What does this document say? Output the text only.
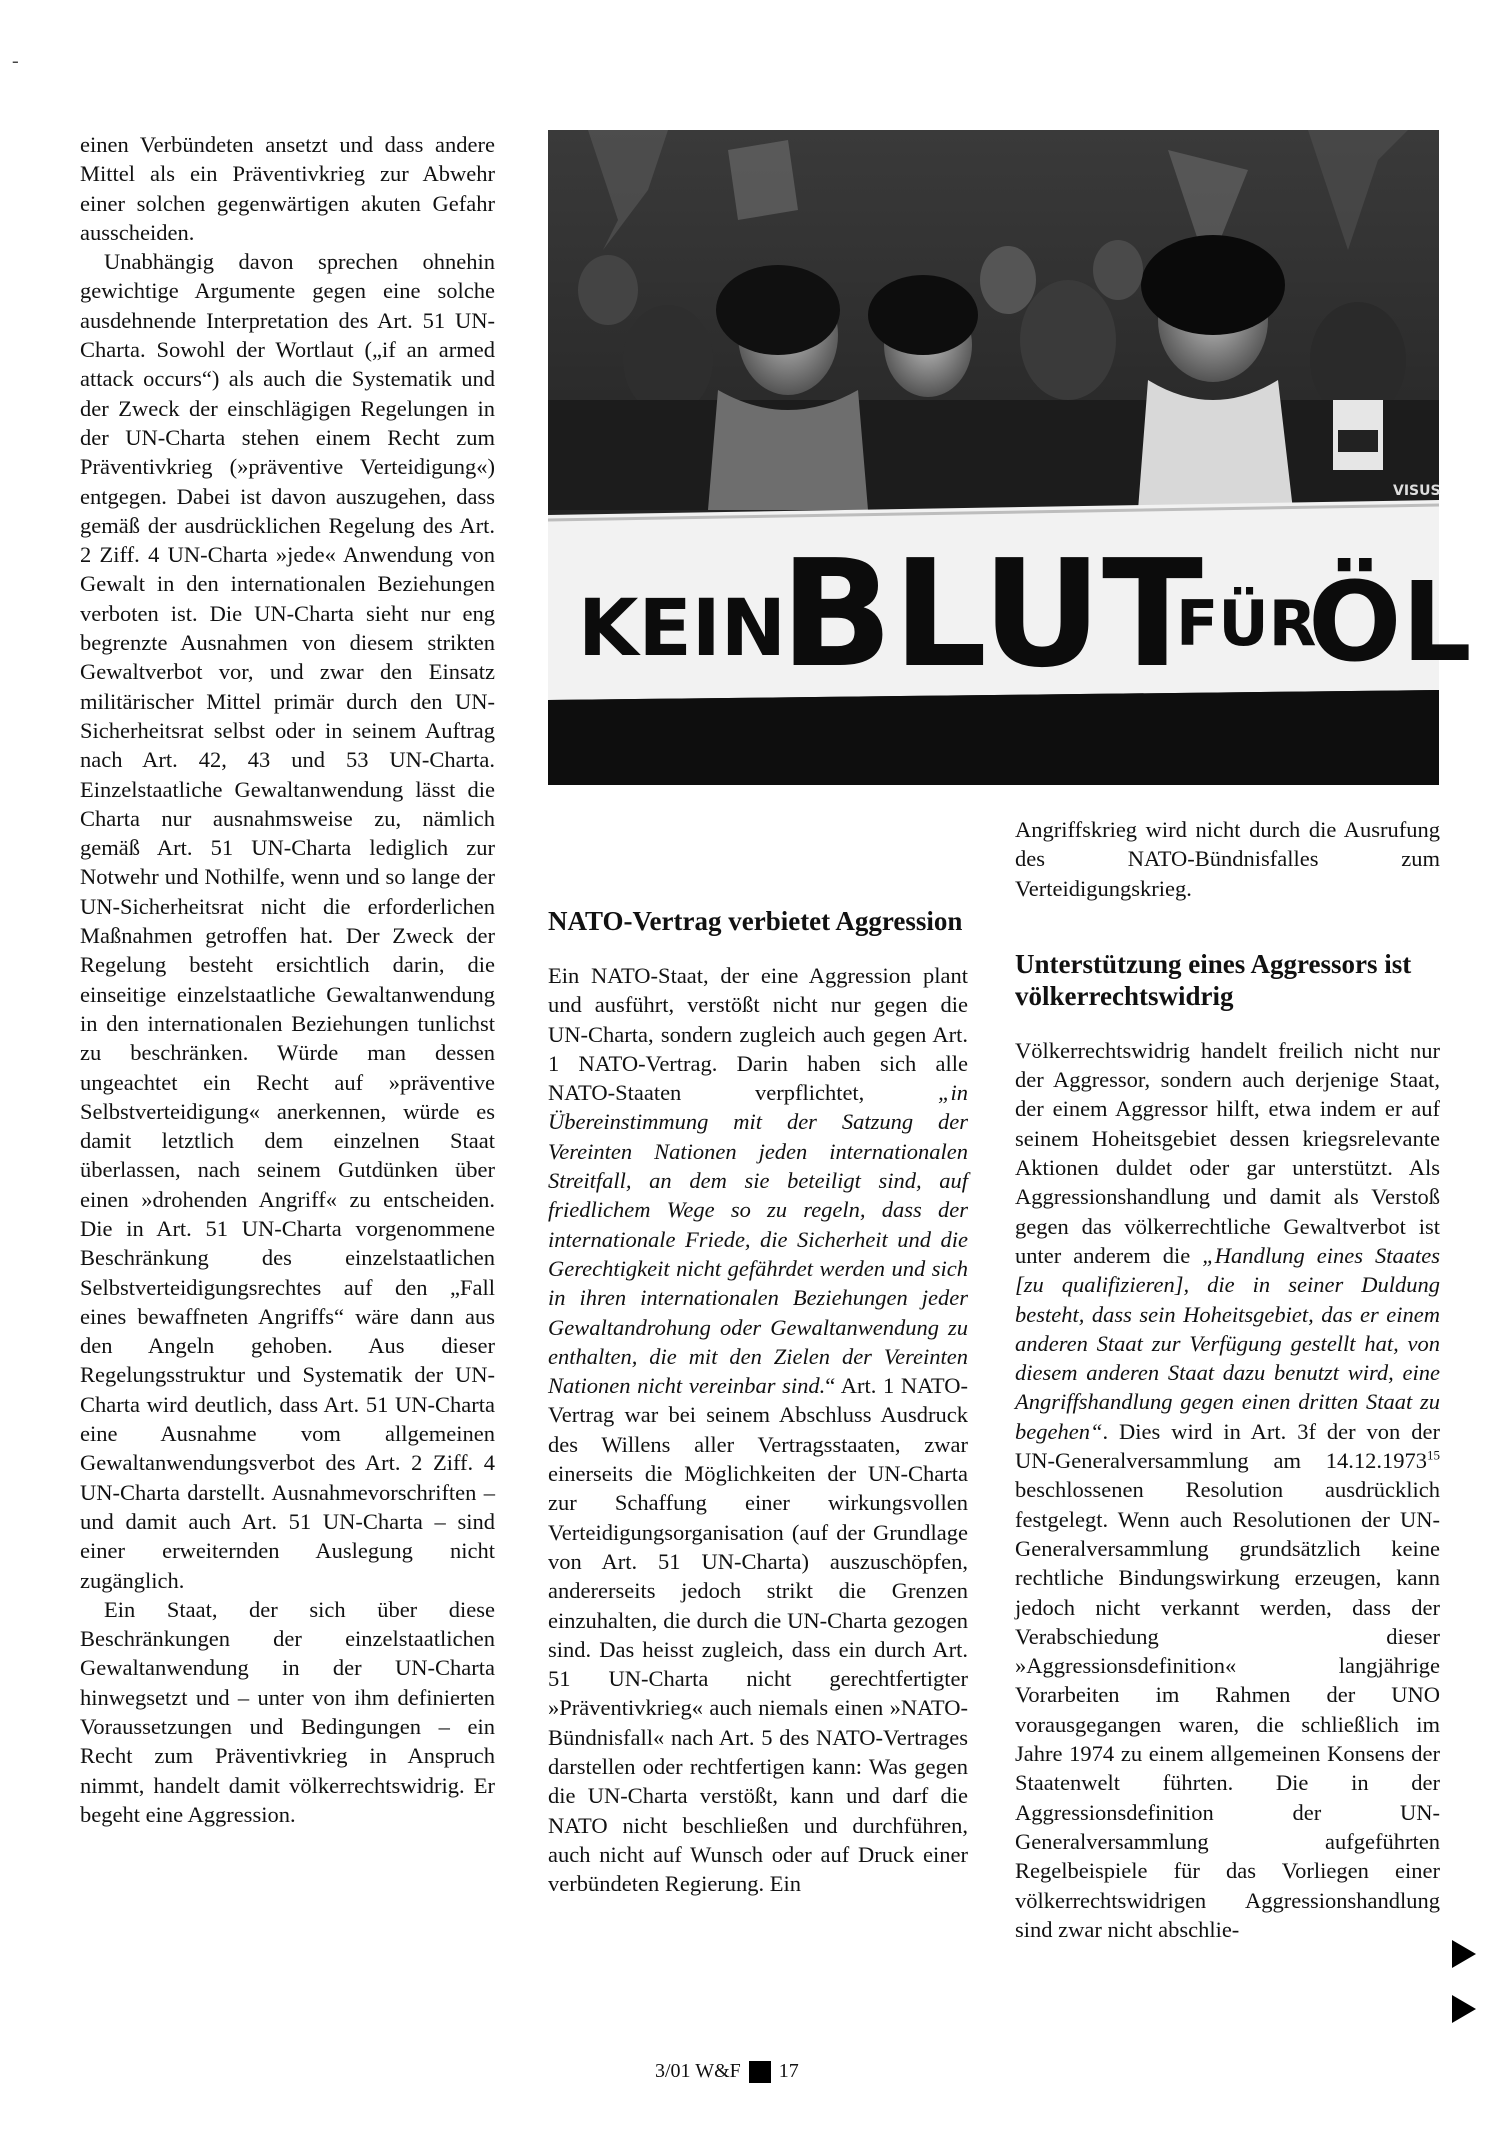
-

einen Verbündeten ansetzt und dass andere Mittel als ein Präventivkrieg zur Abwehr einer solchen gegenwärtigen akuten Gefahr ausscheiden.

Unabhängig davon sprechen ohnehin gewichtige Argumente gegen eine solche ausdehnende Interpretation des Art. 51 UN-Charta. Sowohl der Wortlaut („if an armed attack occurs“) als auch die Systematik und der Zweck der einschlägigen Regelungen in der UN-Charta stehen einem Recht zum Präventivkrieg (»präventive Verteidigung«) entgegen. Dabei ist davon auszugehen, dass gemäß der ausdrücklichen Regelung des Art. 2 Ziff. 4 UN-Charta »jede« Anwendung von Gewalt in den internationalen Beziehungen verboten ist. Die UN-Charta sieht nur eng begrenzte Ausnahmen von diesem strikten Gewaltverbot vor, und zwar den Einsatz militärischer Mittel primär durch den UN-Sicherheitsrat selbst oder in seinem Auftrag nach Art. 42, 43 und 53 UN-Charta. Einzelstaatliche Gewaltanwendung lässt die Charta nur ausnahmsweise zu, nämlich gemäß Art. 51 UN-Charta lediglich zur Notwehr und Nothilfe, wenn und so lange der UN-Sicherheitsrat nicht die erforderlichen Maßnahmen getroffen hat. Der Zweck der Regelung besteht ersichtlich darin, die einseitige einzelstaatliche Gewaltanwendung in den internationalen Beziehungen tunlichst zu beschränken. Würde man dessen ungeachtet ein Recht auf »präventive Selbstverteidigung« anerkennen, würde es damit letztlich dem einzelnen Staat überlassen, nach seinem Gutdünken über einen »drohenden Angriff« zu entscheiden. Die in Art. 51 UN-Charta vorgenommene Beschränkung des einzelstaatlichen Selbstverteidigungsrechtes auf den „Fall eines bewaffneten Angriffs“ wäre dann aus den Angeln gehoben. Aus dieser Regelungsstruktur und Systematik der UN-Charta wird deutlich, dass Art. 51 UN-Charta eine Ausnahme vom allgemeinen Gewaltanwendungsverbot des Art. 2 Ziff. 4 UN-Charta darstellt. Ausnahmevorschriften – und damit auch Art. 51 UN-Charta – sind einer erweiternden Auslegung nicht zugänglich.

Ein Staat, der sich über diese Beschränkungen der einzelstaatlichen Gewaltanwendung in der UN-Charta hinwegsetzt und – unter von ihm definierten Voraussetzungen und Bedingungen – ein Recht zum Präventivkrieg in Anspruch nimmt, handelt damit völkerrechtswidrig. Er begeht eine Aggression.

KEIN
BLUT
FÜR
ÖL
VISUS
NATO-Vertrag verbietet Aggression

Ein NATO-Staat, der eine Aggression plant und ausführt, verstößt nicht nur gegen die UN-Charta, sondern zugleich auch gegen Art. 1 NATO-Vertrag. Darin haben sich alle NATO-Staaten verpflichtet, „in Übereinstimmung mit der Satzung der Vereinten Nationen jeden internationalen Streitfall, an dem sie beteiligt sind, auf friedlichem Wege so zu regeln, dass der internationale Friede, die Sicherheit und die Gerechtigkeit nicht gefährdet werden und sich in ihren internationalen Beziehungen jeder Gewaltandrohung oder Gewaltanwendung zu enthalten, die mit den Zielen der Vereinten Nationen nicht vereinbar sind.“ Art. 1 NATO-Vertrag war bei seinem Abschluss Ausdruck des Willens aller Vertragsstaaten, zwar einerseits die Möglichkeiten der UN-Charta zur Schaffung einer wirkungsvollen Verteidigungsorganisation (auf der Grundlage von Art. 51 UN-Charta) auszuschöpfen, andererseits jedoch strikt die Grenzen einzuhalten, die durch die UN-Charta gezogen sind. Das heisst zugleich, dass ein durch Art. 51 UN-Charta nicht gerechtfertigter »Präventivkrieg« auch niemals einen »NATO-Bündnisfall« nach Art. 5 des NATO-Vertrages darstellen oder rechtfertigen kann: Was gegen die UN-Charta verstößt, kann und darf die NATO nicht beschließen und durchführen, auch nicht auf Wunsch oder auf Druck einer verbündeten Regierung. Ein

Angriffskrieg wird nicht durch die Ausrufung des NATO-Bündnisfalles zum Verteidigungskrieg.

Unterstützung eines Aggressors ist völkerrechtswidrig

Völkerrechtswidrig handelt freilich nicht nur der Aggressor, sondern auch derjenige Staat, der einem Aggressor hilft, etwa indem er auf seinem Hoheitsgebiet dessen kriegsrelevante Aktionen duldet oder gar unterstützt. Als Aggressionshandlung und damit als Verstoß gegen das völkerrechtliche Gewaltverbot ist unter anderem die „Handlung eines Staates [zu qualifizieren], die in seiner Duldung besteht, dass sein Hoheitsgebiet, das er einem anderen Staat zur Verfügung gestellt hat, von diesem anderen Staat dazu benutzt wird, eine Angriffshandlung gegen einen dritten Staat zu begehen“. Dies wird in Art. 3f der von der UN-Generalversammlung am 14.12.1973$^{15}$ beschlossenen Resolution ausdrücklich festgelegt. Wenn auch Resolutionen der UN-Generalversammlung grundsätzlich keine rechtliche Bindungswirkung erzeugen, kann jedoch nicht verkannt werden, dass der Verabschiedung dieser »Aggressionsdefinition« langjährige Vorarbeiten im Rahmen der UNO vorausgegangen waren, die schließlich im Jahre 1974 zu einem allgemeinen Konsens der Staatenwelt führten. Die in der Aggressionsdefinition der UN-Generalversammlung aufgeführten Regelbeispiele für das Vorliegen einer völkerrechtswidrigen Aggressionshandlung sind zwar nicht abschlie-

3/01 W&F 17
